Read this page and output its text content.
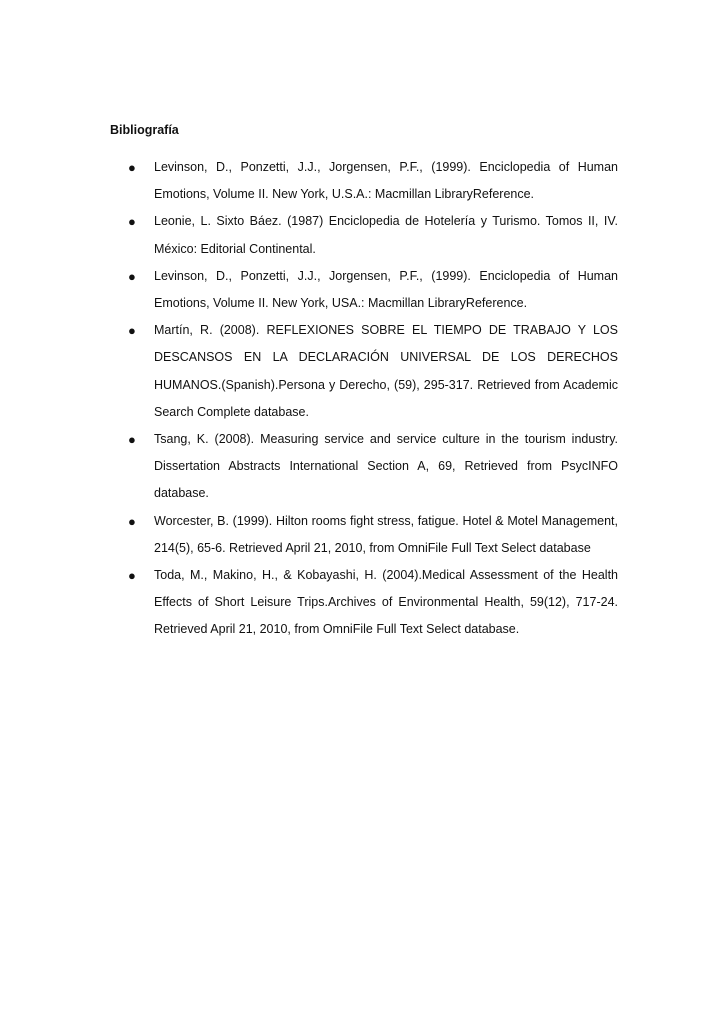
Bibliografía
● Levinson, D., Ponzetti, J.J., Jorgensen, P.F., (1999). Enciclopedia of Human Emotions, Volume II. New York, U.S.A.: Macmillan LibraryReference.
● Leonie, L. Sixto Báez. (1987) Enciclopedia de Hotelería y Turismo. Tomos II, IV. México: Editorial Continental.
● Levinson, D., Ponzetti, J.J., Jorgensen, P.F., (1999). Enciclopedia of Human Emotions, Volume II. New York, USA.: Macmillan LibraryReference.
● Martín, R. (2008). REFLEXIONES SOBRE EL TIEMPO DE TRABAJO Y LOS DESCANSOS EN LA DECLARACIÓN UNIVERSAL DE LOS DERECHOS HUMANOS.(Spanish).Persona y Derecho, (59), 295-317. Retrieved from Academic Search Complete database.
● Tsang, K. (2008). Measuring service and service culture in the tourism industry. Dissertation Abstracts International Section A, 69, Retrieved from PsycINFO database.
● Worcester, B. (1999). Hilton rooms fight stress, fatigue. Hotel & Motel Management, 214(5), 65-6. Retrieved April 21, 2010, from OmniFile Full Text Select database
● Toda, M., Makino, H., & Kobayashi, H. (2004).Medical Assessment of the Health Effects of Short Leisure Trips.Archives of Environmental Health, 59(12), 717-24. Retrieved April 21, 2010, from OmniFile Full Text Select database.
